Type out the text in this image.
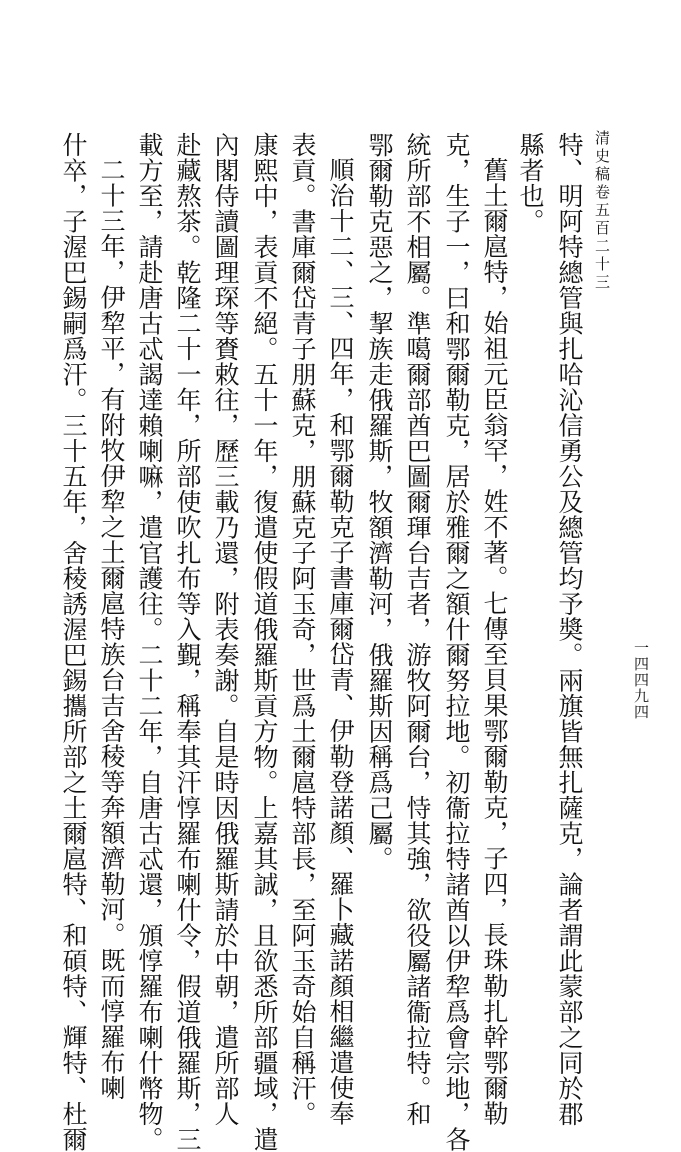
清史稿卷五百二十三
一四四九四
特、明阿特總管與扎哈沁信勇公及總管均予奬。兩旗皆無扎薩克，論者謂此蒙部之同於郡
縣者也。
舊土爾扈特，始祖元臣翁罕，姓不著。七傳至貝果鄂爾勒克，子四，長珠勒扎幹鄂爾勒
克，生子一，曰和鄂爾勒克，居於雅爾之額什爾努拉地。初衞拉特諸酋以伊犂爲會宗地，各
統所部不相屬。準噶爾部酋巴圖爾琿台吉者，游牧阿爾台，恃其強，欲役屬諸衞拉特。和
鄂爾勒克惡之，挈族走俄羅斯，牧額濟勒河，俄羅斯因稱爲己屬。
順治十二、三、四年，和鄂爾勒克子書庫爾岱青、伊勒登諾顏、羅卜藏諾顏相繼遣使奉
表貢。書庫爾岱青子朋蘇克，朋蘇克子阿玉奇，世爲土爾扈特部長，至阿玉奇始自稱汗。
康熙中，表貢不絕。五十一年，復遣使假道俄羅斯貢方物。上嘉其誠，且欲悉所部疆域，遣
內閣侍讀圖理琛等賚敕往，歷三載乃還，附表奏謝。自是時因俄羅斯請於中朝，遣所部人
赴藏熬茶。乾隆二十一年，所部使吹扎布等入覲，稱奉其汗惇羅布喇什令，假道俄羅斯，三
載方至，請赴唐古忒謁達賴喇嘛，遣官護往。二十二年，自唐古忒還，頒惇羅布喇什幣物。
二十三年，伊犂平，有附牧伊犂之土爾扈特族台吉舍稜等奔額濟勒河。既而惇羅布喇
什卒，子渥巴錫嗣爲汗。三十五年，舍稜誘渥巴錫攜所部之土爾扈特、和碩特、輝特、杜爾
